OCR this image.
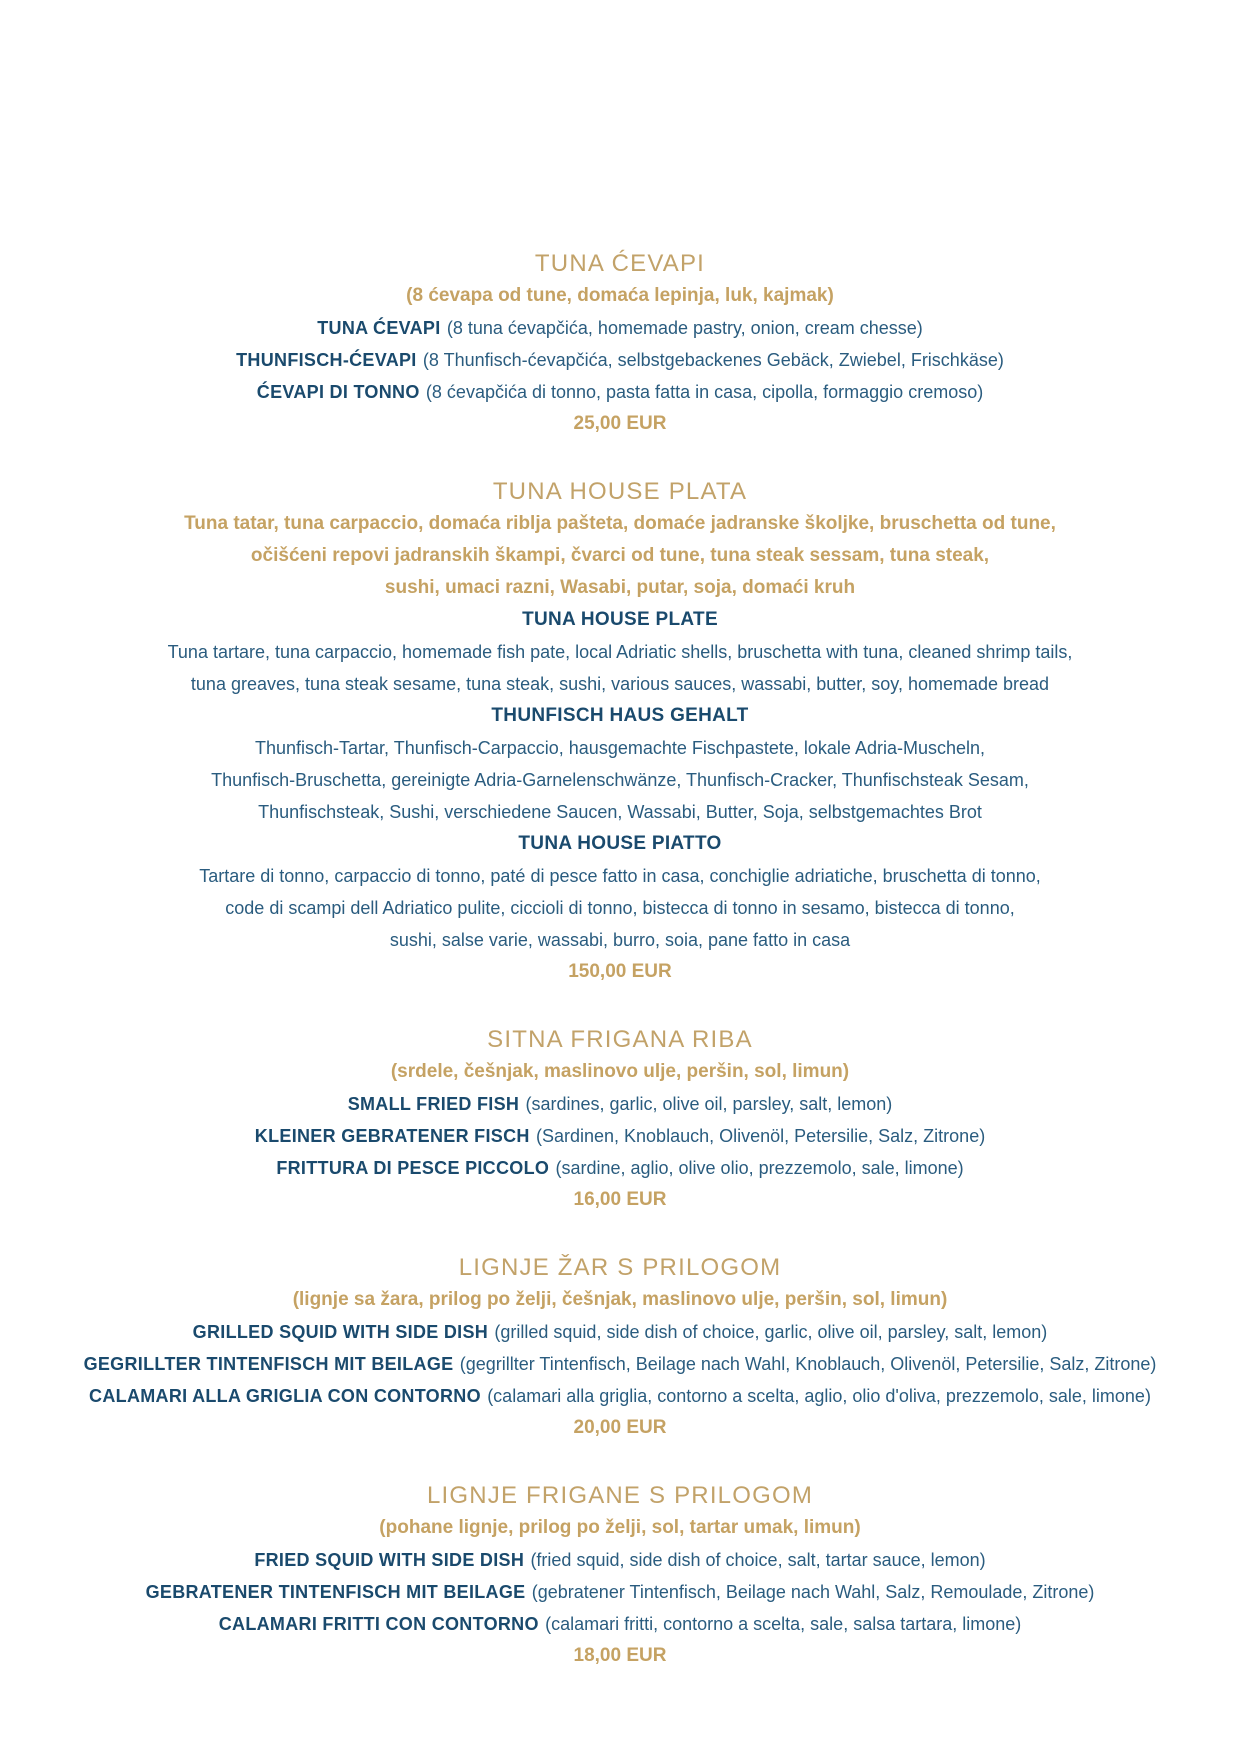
TUNA ĆEVAPI
(8 ćevapa od tune, domaća lepinja, luk, kajmak)
TUNA ĆEVAPI (8 tuna ćevapčića, homemade pastry, onion, cream chesse)
THUNFISCH-ĆEVAPI (8 Thunfisch-ćevapčića, selbstgebackenes Gebäck, Zwiebel, Frischkäse)
ĆEVAPI DI TONNO (8 ćevapčića di tonno, pasta fatta in casa, cipolla, formaggio cremoso)
25,00 EUR
TUNA HOUSE PLATA
Tuna tatar, tuna carpaccio, domaća riblja pašteta, domaće jadranske školjke, bruschetta od tune,
očišćeni repovi jadranskih škampi, čvarci od tune, tuna steak sessam, tuna steak,
sushi, umaci razni, Wasabi, putar, soja, domaći kruh
TUNA HOUSE PLATE
Tuna tartare, tuna carpaccio, homemade fish pate, local Adriatic shells, bruschetta with tuna, cleaned shrimp tails,
tuna greaves, tuna steak sesame, tuna steak, sushi, various sauces, wassabi, butter, soy, homemade bread
THUNFISCH HAUS GEHALT
Thunfisch-Tartar, Thunfisch-Carpaccio, hausgemachte Fischpastete, lokale Adria-Muscheln,
Thunfisch-Bruschetta, gereinigte Adria-Garnelenschwänze, Thunfisch-Cracker, Thunfischsteak Sesam,
Thunfischsteak, Sushi, verschiedene Saucen, Wassabi, Butter, Soja, selbstgemachtes Brot
TUNA HOUSE PIATTO
Tartare di tonno, carpaccio di tonno, paté di pesce fatto in casa, conchiglie adriatiche, bruschetta di tonno,
code di scampi dell Adriatico pulite, ciccioli di tonno, bistecca di tonno in sesamo, bistecca di tonno,
sushi, salse varie, wassabi, burro, soia, pane fatto in casa
150,00 EUR
SITNA FRIGANA RIBA
(srdele, češnjak, maslinovo ulje, peršin, sol, limun)
SMALL FRIED FISH (sardines, garlic, olive oil, parsley, salt, lemon)
KLEINER GEBRATENER FISCH (Sardinen, Knoblauch, Olivenöl, Petersilie, Salz, Zitrone)
FRITTURA DI PESCE PICCOLO (sardine, aglio, olive olio, prezzemolo, sale, limone)
16,00 EUR
LIGNJE ŽAR S PRILOGOM
(lignje sa žara, prilog po želji, češnjak, maslinovo ulje, peršin, sol, limun)
GRILLED SQUID WITH SIDE DISH (grilled squid, side dish of choice, garlic, olive oil, parsley, salt, lemon)
GEGRILLTER TINTENFISCH MIT BEILAGE (gegrillter Tintenfisch, Beilage nach Wahl, Knoblauch, Olivenöl, Petersilie, Salz, Zitrone)
CALAMARI ALLA GRIGLIA CON CONTORNO (calamari alla griglia, contorno a scelta, aglio, olio d'oliva, prezzemolo, sale, limone)
20,00 EUR
LIGNJE FRIGANE S PRILOGOM
(pohane lignje, prilog po želji, sol, tartar umak, limun)
FRIED SQUID WITH SIDE DISH (fried squid, side dish of choice, salt, tartar sauce, lemon)
GEBRATENER TINTENFISCH MIT BEILAGE (gebratener Tintenfisch, Beilage nach Wahl, Salz, Remoulade, Zitrone)
CALAMARI FRITTI CON CONTORNO (calamari fritti, contorno a scelta, sale, salsa tartara, limone)
18,00 EUR
